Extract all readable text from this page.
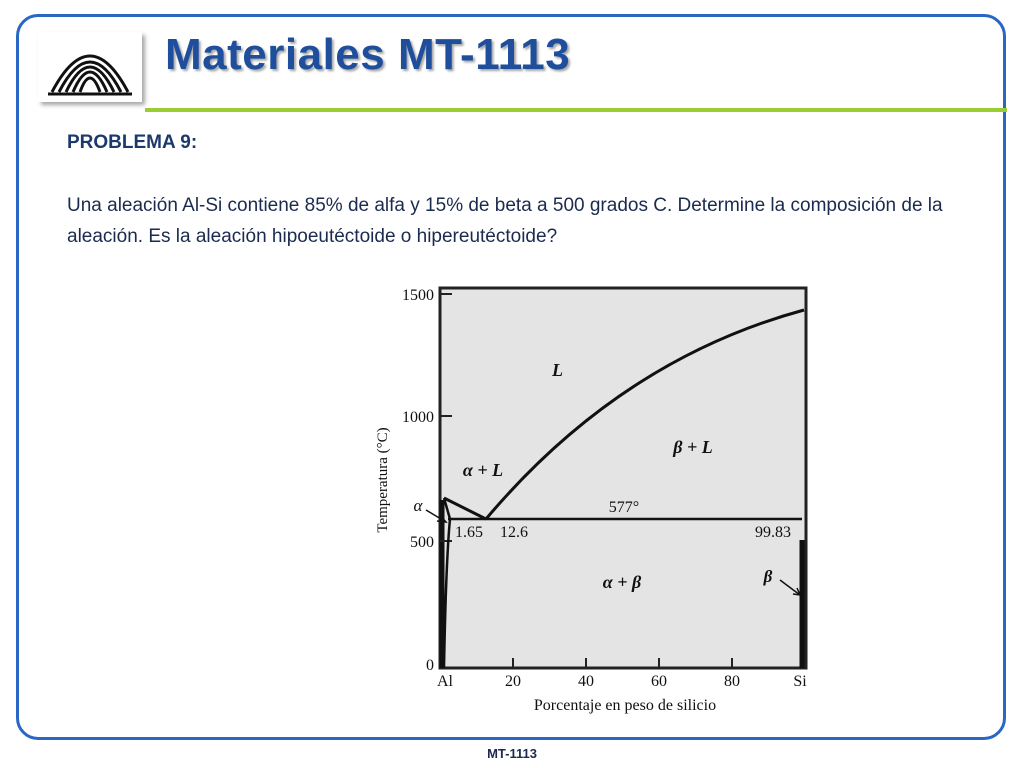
Materiales MT-1113
PROBLEMA 9:
Una aleación Al-Si contiene 85% de alfa y 15% de beta a 500 grados C. Determine la composición de la aleación. Es la aleación hipoeutéctoide o hipereutéctoide?
1500
1000
500
0
Al	20	40	60	80	Si
Temperatura (°C)
Porcentaje en peso de silicio
L
β + L
α + L
α + β
α
β
577°
1.65 12.6	99.83
MT-1113
